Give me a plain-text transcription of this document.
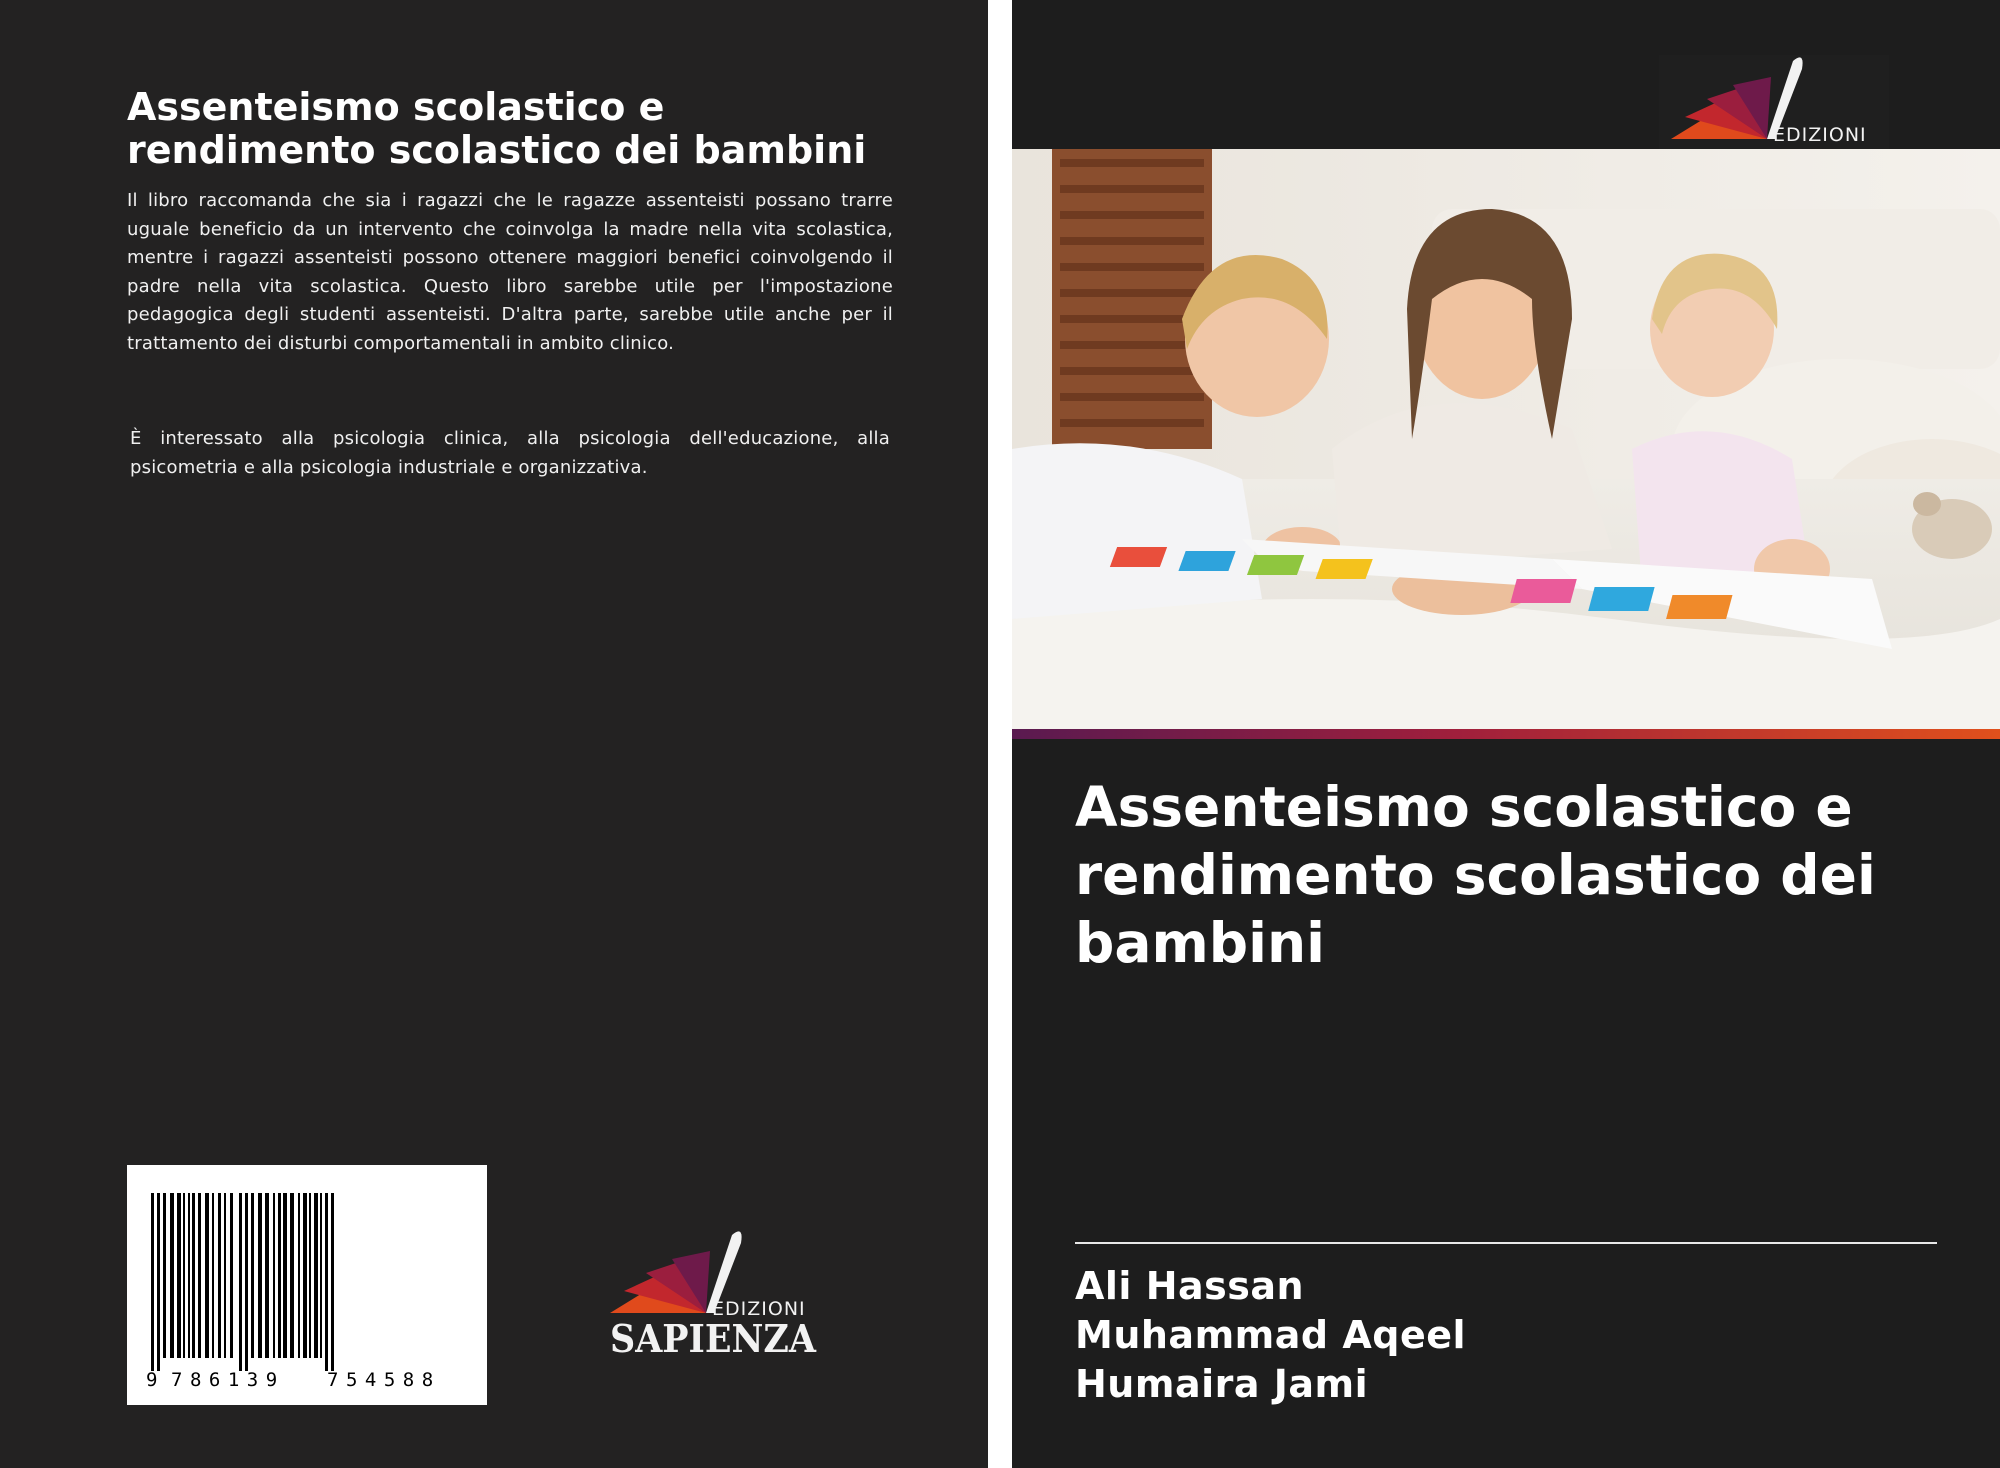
Assenteismo scolastico e rendimento scolastico dei bambini

Il libro raccomanda che sia i ragazzi che le ragazze assenteisti possano trarre uguale beneficio da un intervento che coinvolga la madre nella vita scolastica, mentre i ragazzi assenteisti possono ottenere maggiori benefici coinvolgendo il padre nella vita scolastica. Questo libro sarebbe utile per l'impostazione pedagogica degli studenti assenteisti. D'altra parte, sarebbe utile anche per il trattamento dei disturbi comportamentali in ambito clinico.

È interessato alla psicologia clinica, alla psicologia dell'educazione, alla psicometria e alla psicologia industriale e organizzativa.

9 786139 754588
EDIZIONI
SAPIENZA
EDIZIONI
Assenteismo scolastico e rendimento scolastico dei bambini
Ali Hassan
Muhammad Aqeel
Humaira Jami
